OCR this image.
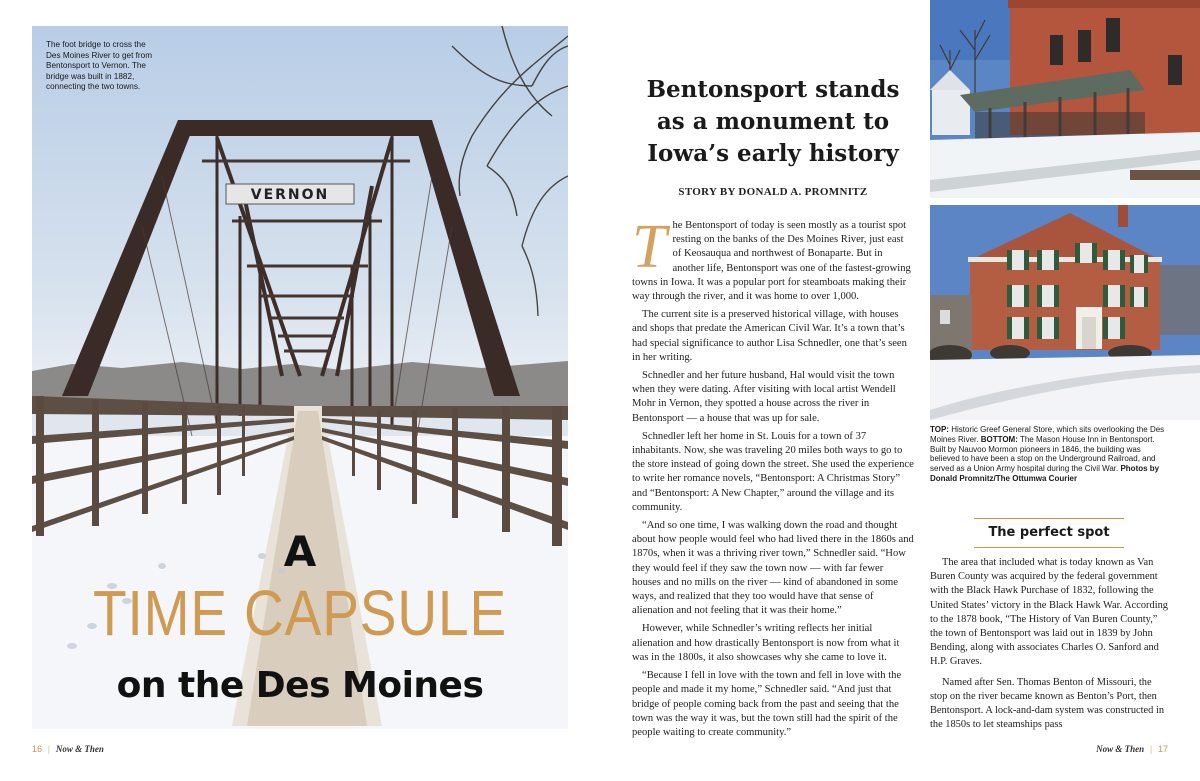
VERNON
The foot bridge to cross the Des Moines River to get from Bentonsport to Vernon. The bridge was built in 1882, connecting the two towns.
A
TIME CAPSULE
on the Des Moines
16 | Now & Then
Bentonsport stands as a monument to Iowa’s early history
STORY BY DONALD A. PROMNITZ

The Bentonsport of today is seen mostly as a tourist spot resting on the banks of the Des Moines River, just east of Keosauqua and northwest of Bonaparte. But in another life, Bentonsport was one of the fastest-growing towns in Iowa. It was a popular port for steamboats making their way through the river, and it was home to over 1,000.

The current site is a preserved historical village, with houses and shops that predate the American Civil War. It’s a town that’s had special significance to author Lisa Schnedler, one that’s seen in her writing.

Schnedler and her future husband, Hal would visit the town when they were dating. After visiting with local artist Wendell Mohr in Vernon, they spotted a house across the river in Bentonsport — a house that was up for sale.

Schnedler left her home in St. Louis for a town of 37 inhabitants. Now, she was traveling 20 miles both ways to go to the store instead of going down the street. She used the experience to write her romance novels, “Bentonsport: A Christmas Story” and “Bentonsport: A New Chapter,” around the village and its community.

“And so one time, I was walking down the road and thought about how people would feel who had lived there in the 1860s and 1870s, when it was a thriving river town,” Schnedler said. “How they would feel if they saw the town now — with far fewer houses and no mills on the river — kind of abandoned in some ways, and realized that they too would have that sense of alienation and not feeling that it was their home.”

However, while Schnedler’s writing reflects her initial alienation and how drastically Bentonsport is now from what it was in the 1800s, it also showcases why she came to love it.

“Because I fell in love with the town and fell in love with the people and made it my home,” Schnedler said. “And just that bridge of people coming back from the past and seeing that the town was the way it was, but the town still had the spirit of the people waiting to create community.”

TOP: Historic Greef General Store, which sits overlooking the Des Moines River. BOTTOM: The Mason House Inn in Bentonsport. Built by Nauvoo Mormon pioneers in 1846, the building was believed to have been a stop on the Underground Railroad, and served as a Union Army hospital during the Civil War. Photos by Donald Promnitz/The Ottumwa Courier
The perfect spot

The area that included what is today known as Van Buren County was acquired by the federal government with the Black Hawk Purchase of 1832, following the United States’ victory in the Black Hawk War. According to the 1878 book, “The History of Van Buren County,” the town of Bentonsport was laid out in 1839 by John Bending, along with associates Charles O. Sanford and H.P. Graves.

Named after Sen. Thomas Benton of Missouri, the stop on the river became known as Benton’s Port, then Bentonsport. A lock-and-dam system was constructed in the 1850s to let steamships pass

Now & Then | 17
